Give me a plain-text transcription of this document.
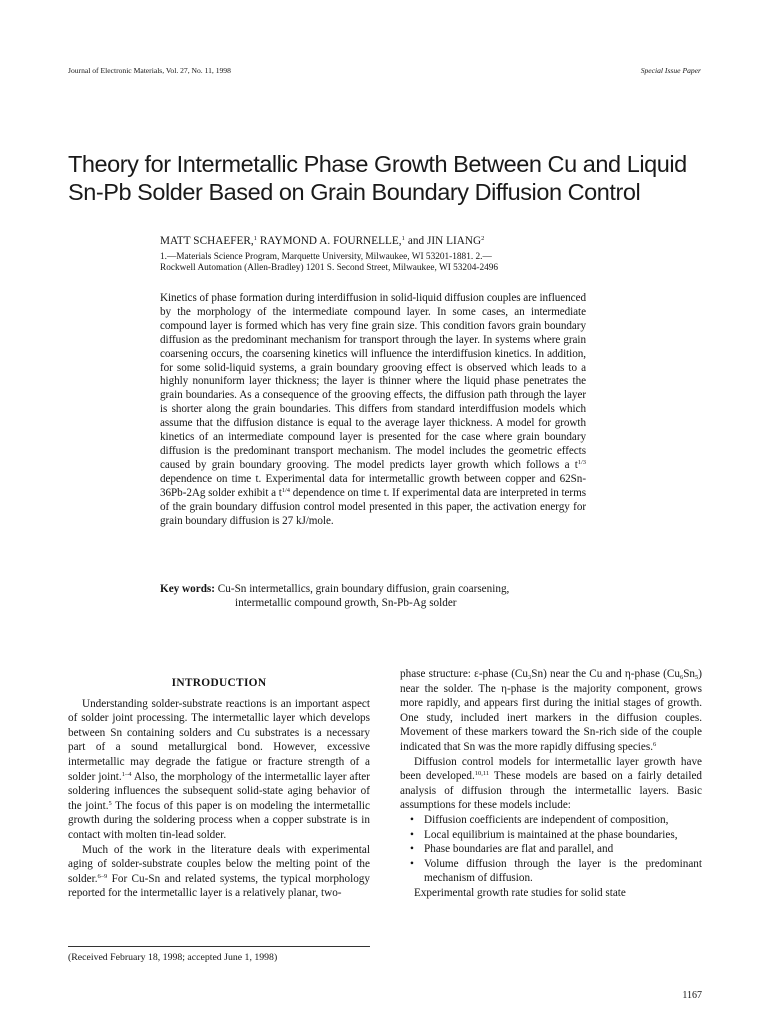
Journal of Electronic Materials, Vol. 27, No. 11, 1998	Special Issue Paper
Theory for Intermetallic Phase Growth Between Cu and Liquid
Sn-Pb Solder Based on Grain Boundary Diffusion Control
MATT SCHAEFER,$^1$ RAYMOND A. FOURNELLE,$^1$ and JIN LIANG$^2$
1.—Materials Science Program, Marquette University, Milwaukee, WI 53201-1881. 2.—
Rockwell Automation (Allen-Bradley) 1201 S. Second Street, Milwaukee, WI 53204-2496
Kinetics of phase formation during interdiffusion in solid-liquid diffusion couples are influenced by the morphology of the intermediate compound layer. In some cases, an intermediate compound layer is formed which has very fine grain size. This condition favors grain boundary diffusion as the predominant mechanism for transport through the layer. In systems where grain coarsening occurs, the coarsening kinetics will influence the interdiffusion kinetics. In addition, for some solid-liquid systems, a grain boundary grooving effect is observed which leads to a highly nonuniform layer thickness; the layer is thinner where the liquid phase penetrates the grain boundaries. As a consequence of the grooving effects, the diffusion path through the layer is shorter along the grain boundaries. This differs from standard interdiffusion models which assume that the diffusion distance is equal to the average layer thickness. A model for growth kinetics of an intermediate compound layer is presented for the case where grain boundary diffusion is the predominant transport mechanism. The model includes the geometric effects caused by grain boundary grooving. The model predicts layer growth which follows a $t^{1/3}$ dependence on time t. Experimental data for intermetallic growth between copper and 62Sn-36Pb-2Ag solder exhibit a $t^{1/4}$ dependence on time t. If experimental data are interpreted in terms of the grain boundary diffusion control model presented in this paper, the activation energy for grain boundary diffusion is 27 kJ/mole.
Key words: Cu-Sn intermetallics, grain boundary diffusion, grain coarsening,
intermetallic compound growth, Sn-Pb-Ag solder
INTRODUCTION

Understanding solder-substrate reactions is an important aspect of solder joint processing. The intermetallic layer which develops between Sn containing solders and Cu substrates is a necessary part of a sound metallurgical bond. However, excessive intermetallic may degrade the fatigue or fracture strength of a solder joint.$^{1-4}$ Also, the morphology of the intermetallic layer after soldering influences the subsequent solid-state aging behavior of the joint.$^5$ The focus of this paper is on modeling the intermetallic growth during the soldering process when a copper substrate is in contact with molten tin-lead solder.

Much of the work in the literature deals with experimental aging of solder-substrate couples below the melting point of the solder.$^{6-9}$ For Cu-Sn and related systems, the typical morphology reported for the intermetallic layer is a relatively planar, two-

phase structure: ε-phase $(Cu_3Sn)$ near the Cu and η-phase $(Cu_6Sn_5)$ near the solder. The η-phase is the majority component, grows more rapidly, and appears first during the initial stages of growth. One study, included inert markers in the diffusion couples. Movement of these markers toward the Sn-rich side of the couple indicated that Sn was the more rapidly diffusing species.$^6$

Diffusion control models for intermetallic layer growth have been developed.$^{10,11}$ These models are based on a fairly detailed analysis of diffusion through the intermetallic layers. Basic assumptions for these models include:

• Diffusion coefficients are independent of composition,
• Local equilibrium is maintained at the phase boundaries,
• Phase boundaries are flat and parallel, and
• Volume diffusion through the layer is the predominant mechanism of diffusion.

Experimental growth rate studies for solid state

(Received February 18, 1998; accepted June 1, 1998)
1167
